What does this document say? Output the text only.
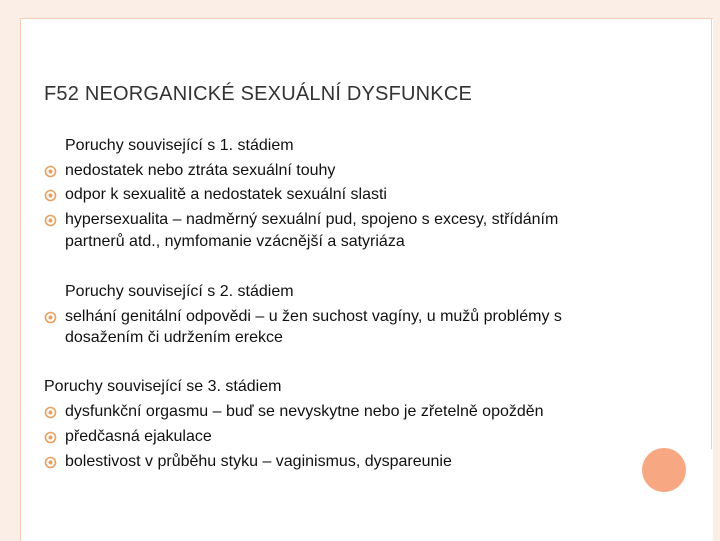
F52 NEORGANICKÉ SEXUÁLNÍ DYSFUNKCE
Poruchy související s 1. stádiem
nedostatek nebo ztráta sexuální touhy
odpor k sexualitě a nedostatek sexuální slasti
hypersexualita – nadměrný sexuální pud, spojeno s excesy, střídáním
partnerů atd., nymfomanie vzácnější a satyriáza
Poruchy související s 2. stádiem
selhání genitální odpovědi – u žen suchost vagíny, u mužů problémy s
dosažením či udržením erekce
Poruchy související se 3. stádiem
dysfunkční orgasmu – buď se nevyskytne nebo je zřetelně opožděn
předčasná ejakulace
bolestivost v průběhu styku – vaginismus, dyspareunie
